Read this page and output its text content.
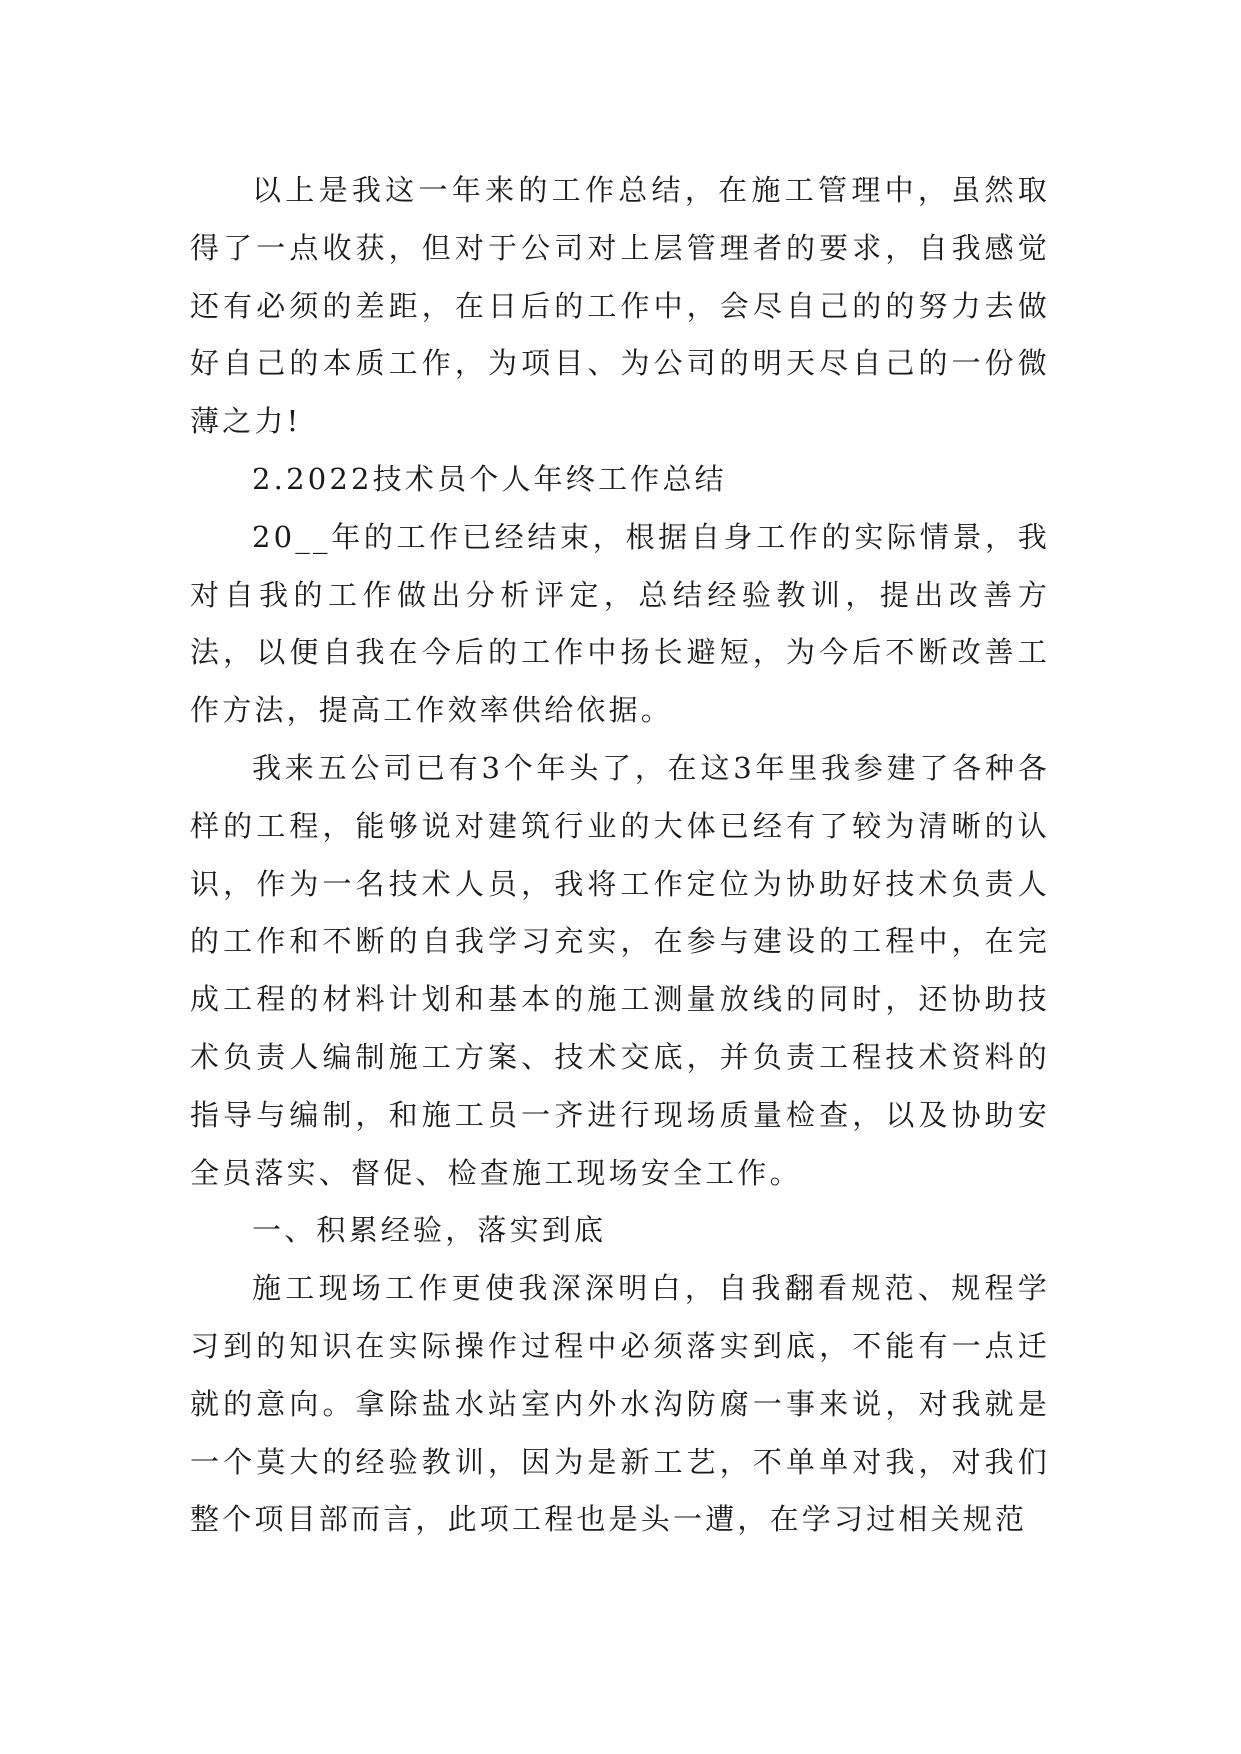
以上是我这一年来的工作总结，在施工管理中，虽然取得了一点收获，但对于公司对上层管理者的要求，自我感觉还有必须的差距，在日后的工作中，会尽自己的的努力去做好自己的本质工作，为项目、为公司的明天尽自己的一份微薄之力!

2.2022技术员个人年终工作总结

20__年的工作已经结束，根据自身工作的实际情景，我对自我的工作做出分析评定，总结经验教训，提出改善方法，以便自我在今后的工作中扬长避短，为今后不断改善工作方法，提高工作效率供给依据。

我来五公司已有3个年头了，在这3年里我参建了各种各样的工程，能够说对建筑行业的大体已经有了较为清晰的认识，作为一名技术人员，我将工作定位为协助好技术负责人的工作和不断的自我学习充实，在参与建设的工程中，在完成工程的材料计划和基本的施工测量放线的同时，还协助技术负责人编制施工方案、技术交底，并负责工程技术资料的指导与编制，和施工员一齐进行现场质量检查，以及协助安全员落实、督促、检查施工现场安全工作。

一、积累经验，落实到底

施工现场工作更使我深深明白，自我翻看规范、规程学习到的知识在实际操作过程中必须落实到底，不能有一点迁就的意向。拿除盐水站室内外水沟防腐一事来说，对我就是一个莫大的经验教训，因为是新工艺，不单单对我，对我们整个项目部而言，此项工程也是头一遭，在学习过相关规范
